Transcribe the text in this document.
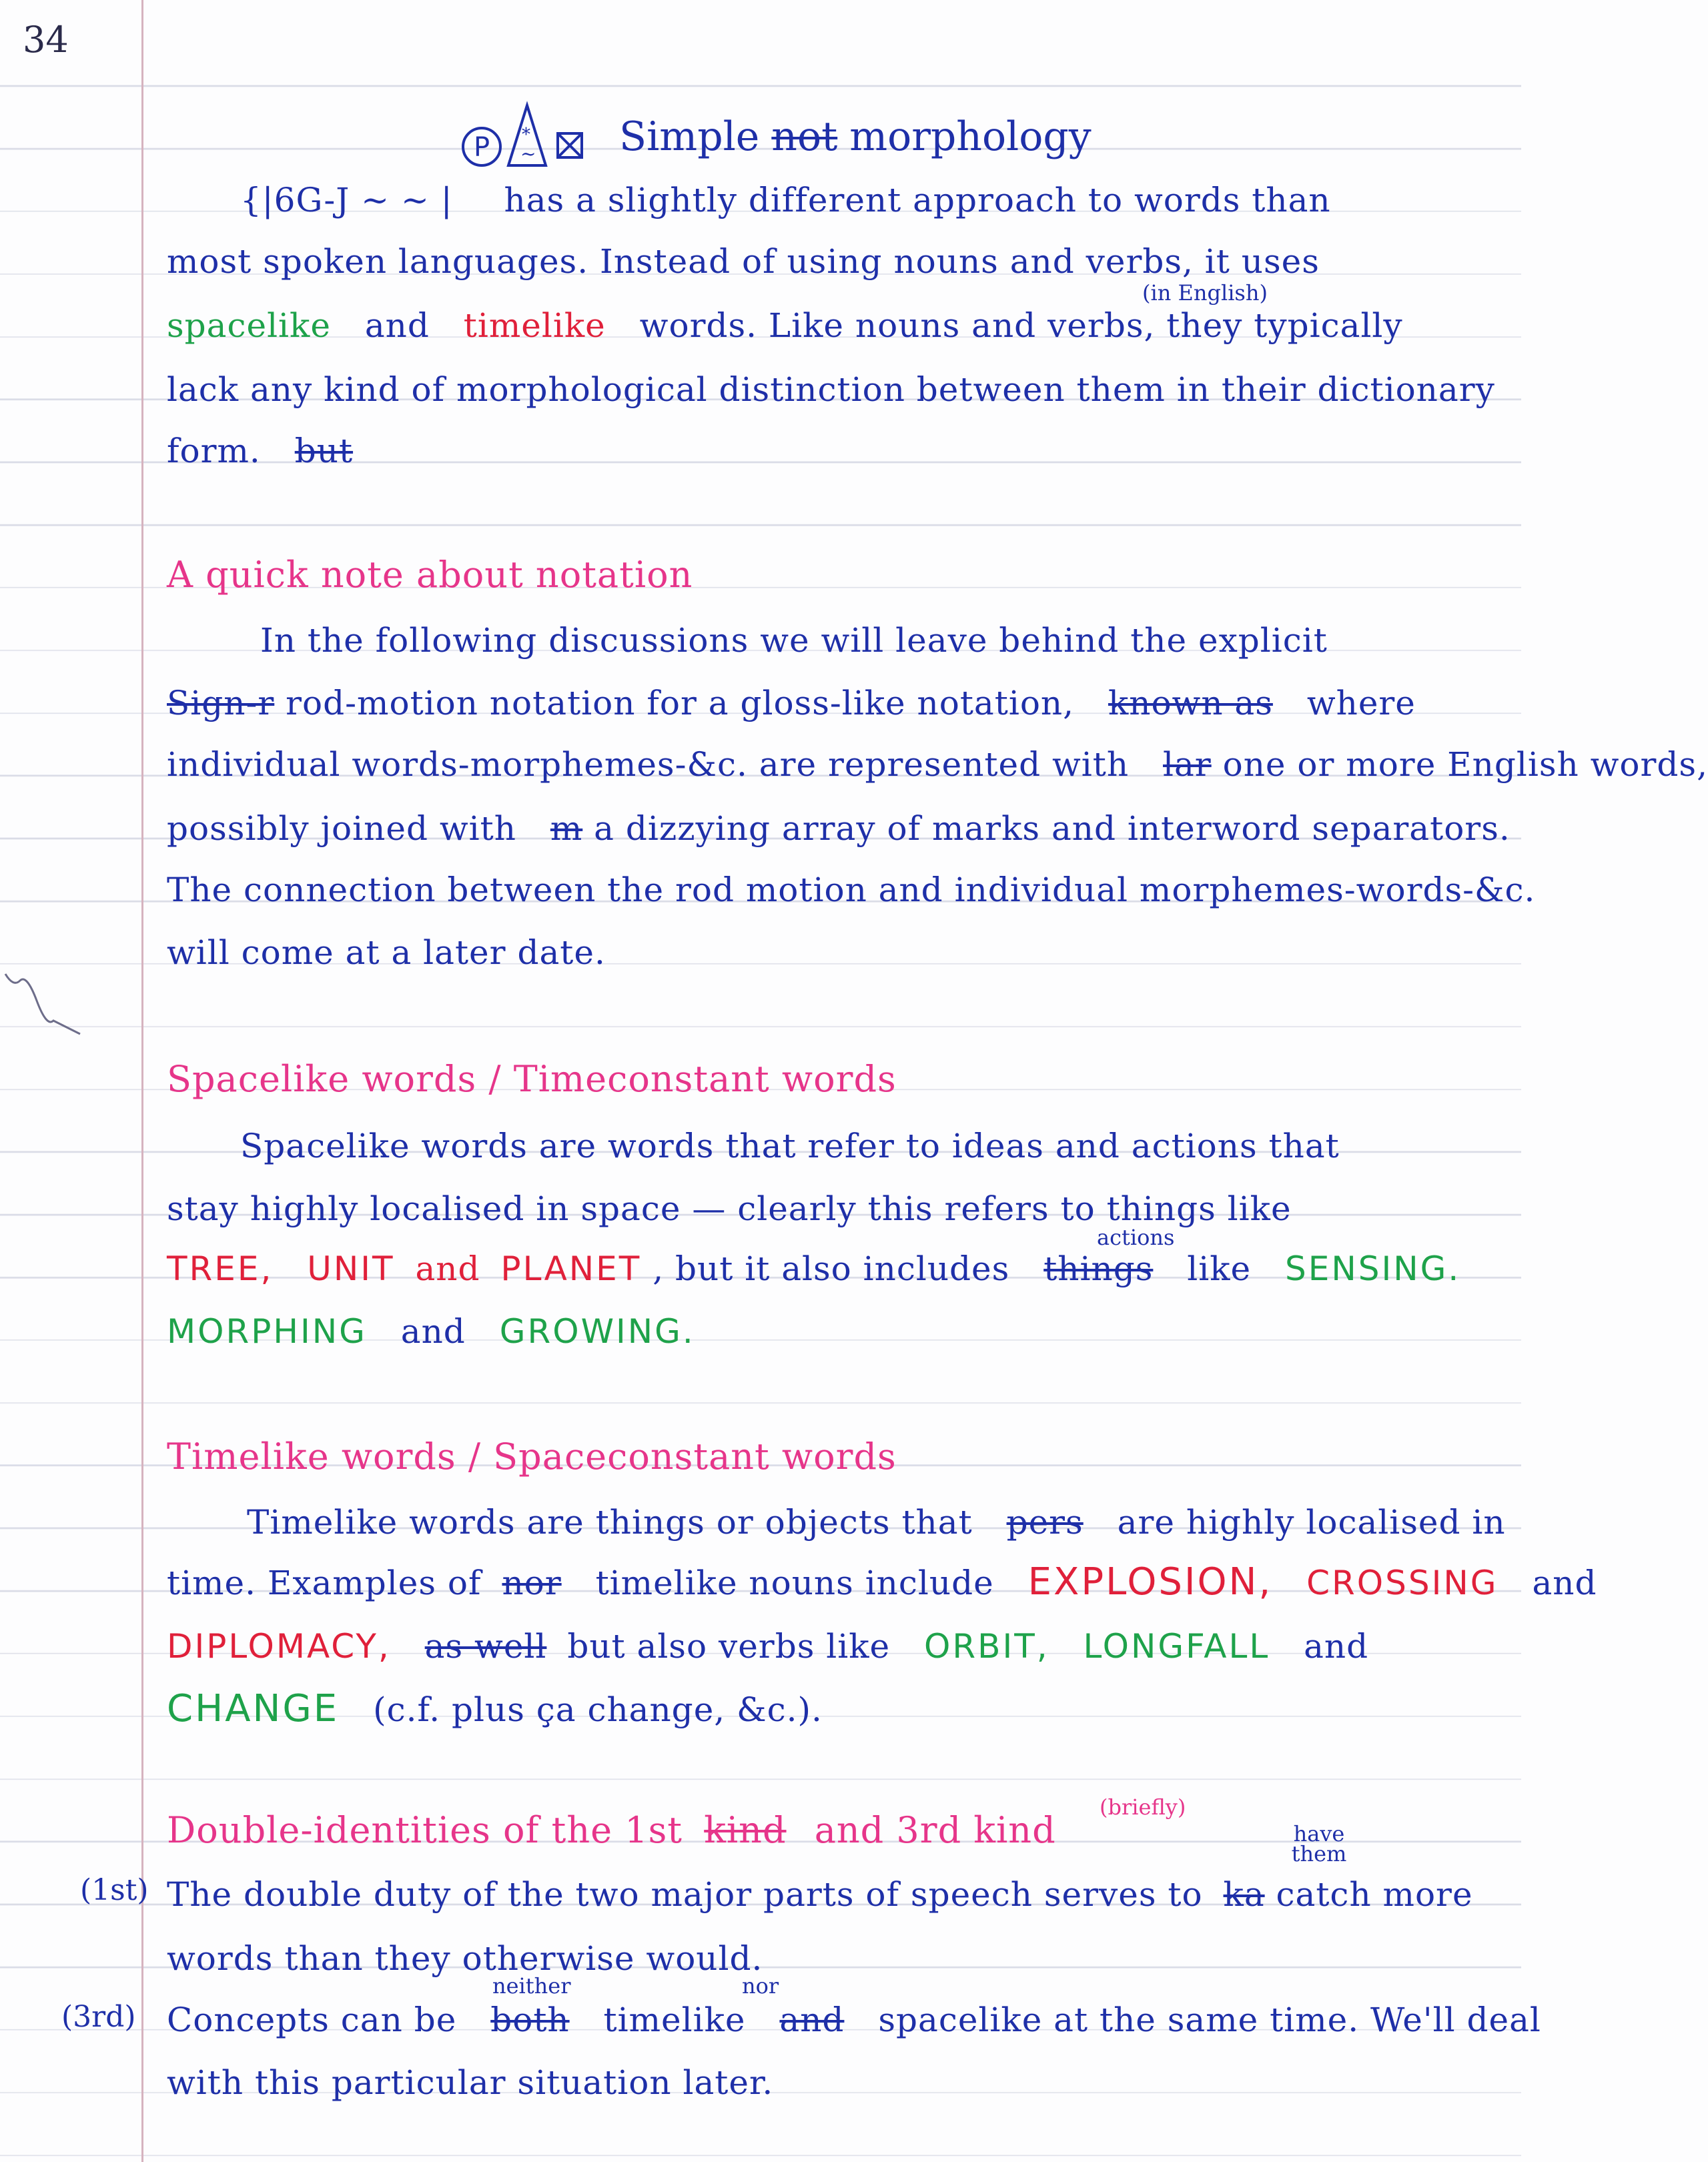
34
P *
~ Simple not morphology
{|6G-J ~ ~ | has a slightly different approach to words than
most spoken languages. Instead of using nouns and verbs, it uses
(in English)
spacelike and timelike words. Like nouns and verbs, they typically
lack any kind of morphological distinction between them in their dictionary
form. but
A quick note about notation
In the following discussions we will leave behind the explicit
Sign-r rod-motion notation for a gloss-like notation, known as where
individual words-morphemes-&c. are represented with lar one or more English words,
possibly joined with m a dizzying array of marks and interword separators.
The connection between the rod motion and individual morphemes-words-&c.
will come at a later date.
Spacelike words / Timeconstant words
Spacelike words are words that refer to ideas and actions that
stay highly localised in space — clearly this refers to things like
actions
TREE, UNIT and PLANET , but it also includes things like SENSING.
MORPHING and GROWING.
Timelike words / Spaceconstant words
Timelike words are things or objects that pers are highly localised in
time. Examples of nor timelike nouns include EXPLOSION, CROSSING and
DIPLOMACY, as well but also verbs like ORBIT, LONGFALL and
CHANGE (c.f. plus ça change, &c.).
Double-identities of the 1st kind and 3rd kind
(briefly)
have them
(1st) The double duty of the two major parts of speech serves to ka catch more
words than they otherwise would.
neither	nor
(3rd) Concepts can be both timelike and spacelike at the same time. We'll deal
with this particular situation later.
